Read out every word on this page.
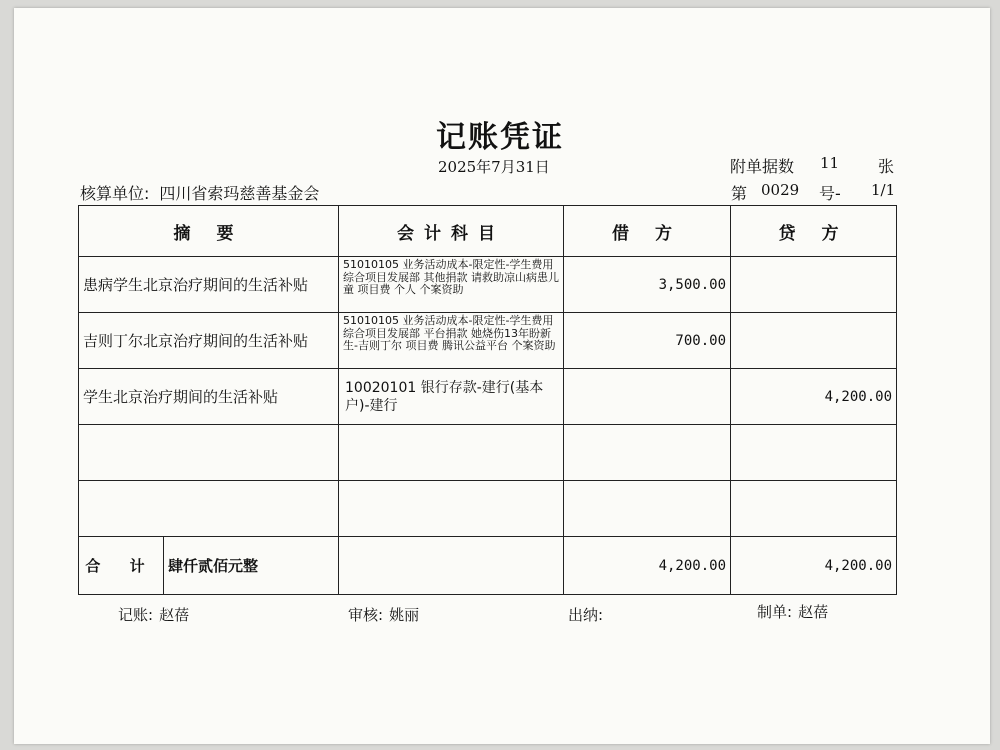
记账凭证
2025年7月31日	附单据数 11 张
核算单位: 四川省索玛慈善基金会	第 0029 号- 1/1
摘 要	会计科目	借 方	贷 方
患病学生北京治疗期间的生活补贴	51010105 业务活动成本-限定性-学生费用 综合项目发展部 其他捐款 请救助凉山病患儿童 项目费 个人 个案资助	3,500.00	
吉则丁尔北京治疗期间的生活补贴	51010105 业务活动成本-限定性-学生费用 综合项目发展部 平台捐款 她烧伤13年盼新生-吉则丁尔 项目费 腾讯公益平台 个案资助	700.00	
学生北京治疗期间的生活补贴	10020101 银行存款-建行(基本户)-建行		4,200.00

合 计 肆仟贰佰元整		4,200.00	4,200.00
记账: 赵蓓	审核: 姚丽	出纳:	制单: 赵蓓
